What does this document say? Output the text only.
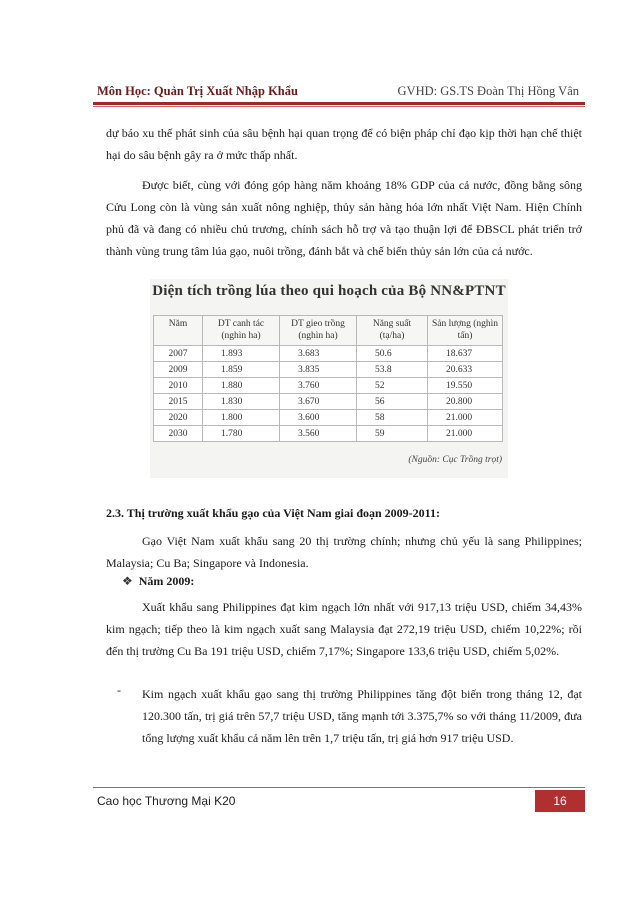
Môn Học: Quản Trị Xuất Nhập Khẩu	GVHD: GS.TS Đoàn Thị Hồng Vân
dự báo xu thế phát sinh của sâu bệnh hại quan trọng để có biện pháp chỉ đạo kịp thời hạn chế thiệt hại do sâu bệnh gây ra ở mức thấp nhất.
Được biết, cùng với đóng góp hàng năm khoảng 18% GDP của cả nước, đồng bằng sông Cửu Long còn là vùng sản xuất nông nghiệp, thủy sản hàng hóa lớn nhất Việt Nam. Hiện Chính phủ đã và đang có nhiều chủ trương, chính sách hỗ trợ và tạo thuận lợi để ĐBSCL phát triển trở thành vùng trung tâm lúa gạo, nuôi trồng, đánh bắt và chế biến thủy sản lớn của cả nước.
Diện tích trồng lúa theo qui hoạch của Bộ NN&PTNT
Năm	DT canh tác (nghìn ha)	DT gieo trồng (nghìn ha)	Năng suất (tạ/ha)	Sản lượng (nghìn tấn)
2007	1.893	3.683	50.6	18.637
2009	1.859	3.835	53.8	20.633
2010	1.880	3.760	52	19.550
2015	1.830	3.670	56	20.800
2020	1.800	3.600	58	21.000
2030	1.780	3.560	59	21.000
(Nguồn: Cục Trồng trọt)
2.3. Thị trường xuất khẩu gạo của Việt Nam giai đoạn 2009-2011:
Gạo Việt Nam xuất khẩu sang 20 thị trường chính; nhưng chủ yếu là sang Philippines; Malaysia; Cu Ba; Singapore và Indonesia.
❖ Năm 2009:
Xuất khẩu sang Philippines đạt kim ngạch lớn nhất với 917,13 triệu USD, chiếm 34,43% kim ngạch; tiếp theo là kim ngạch xuất sang Malaysia đạt 272,19 triệu USD, chiếm 10,22%; rồi đến thị trường Cu Ba 191 triệu USD, chiếm 7,17%; Singapore 133,6 triệu USD, chiếm 5,02%.
- Kim ngạch xuất khẩu gạo sang thị trường Philippines tăng đột biến trong tháng 12, đạt 120.300 tấn, trị giá trên 57,7 triệu USD, tăng mạnh tới 3.375,7% so với tháng 11/2009, đưa tổng lượng xuất khẩu cả năm lên trên 1,7 triệu tấn, trị giá hơn 917 triệu USD.
Cao học Thương Mại K20	16
